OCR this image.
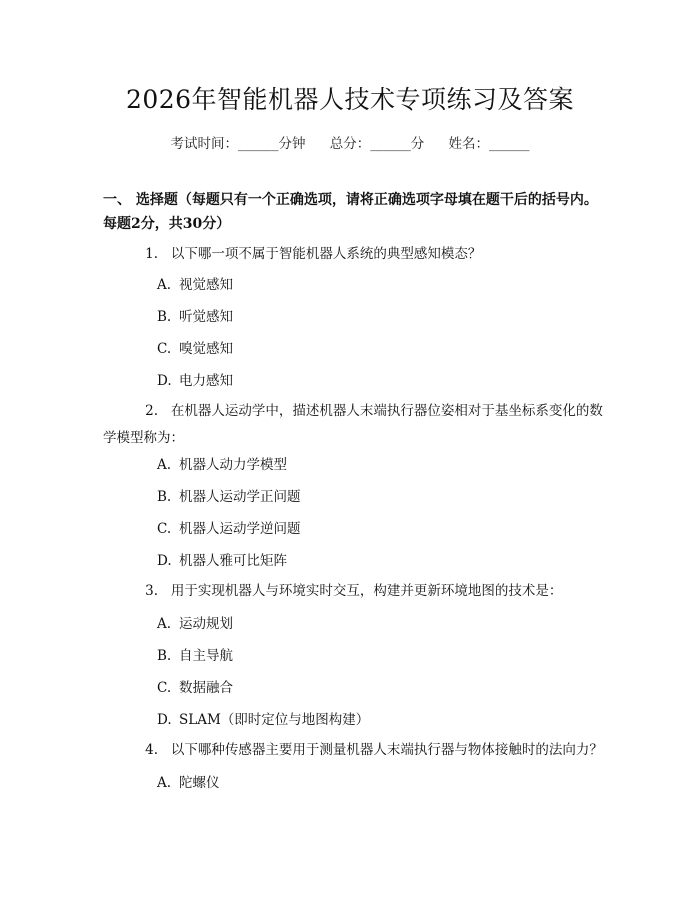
2026年智能机器人技术专项练习及答案
考试时间：______分钟 总分：______分 姓名：______
一、 选择题（每题只有一个正确选项，请将正确选项字母填在题干后的括号内。每题2分，共30分）
1. 以下哪一项不属于智能机器人系统的典型感知模态？
A. 视觉感知
B. 听觉感知
C. 嗅觉感知
D. 电力感知
2. 在机器人运动学中，描述机器人末端执行器位姿相对于基坐标系变化的数学模型称为：
A. 机器人动力学模型
B. 机器人运动学正问题
C. 机器人运动学逆问题
D. 机器人雅可比矩阵
3. 用于实现机器人与环境实时交互，构建并更新环境地图的技术是：
A. 运动规划
B. 自主导航
C. 数据融合
D. SLAM（即时定位与地图构建）
4. 以下哪种传感器主要用于测量机器人末端执行器与物体接触时的法向力？
A. 陀螺仪
